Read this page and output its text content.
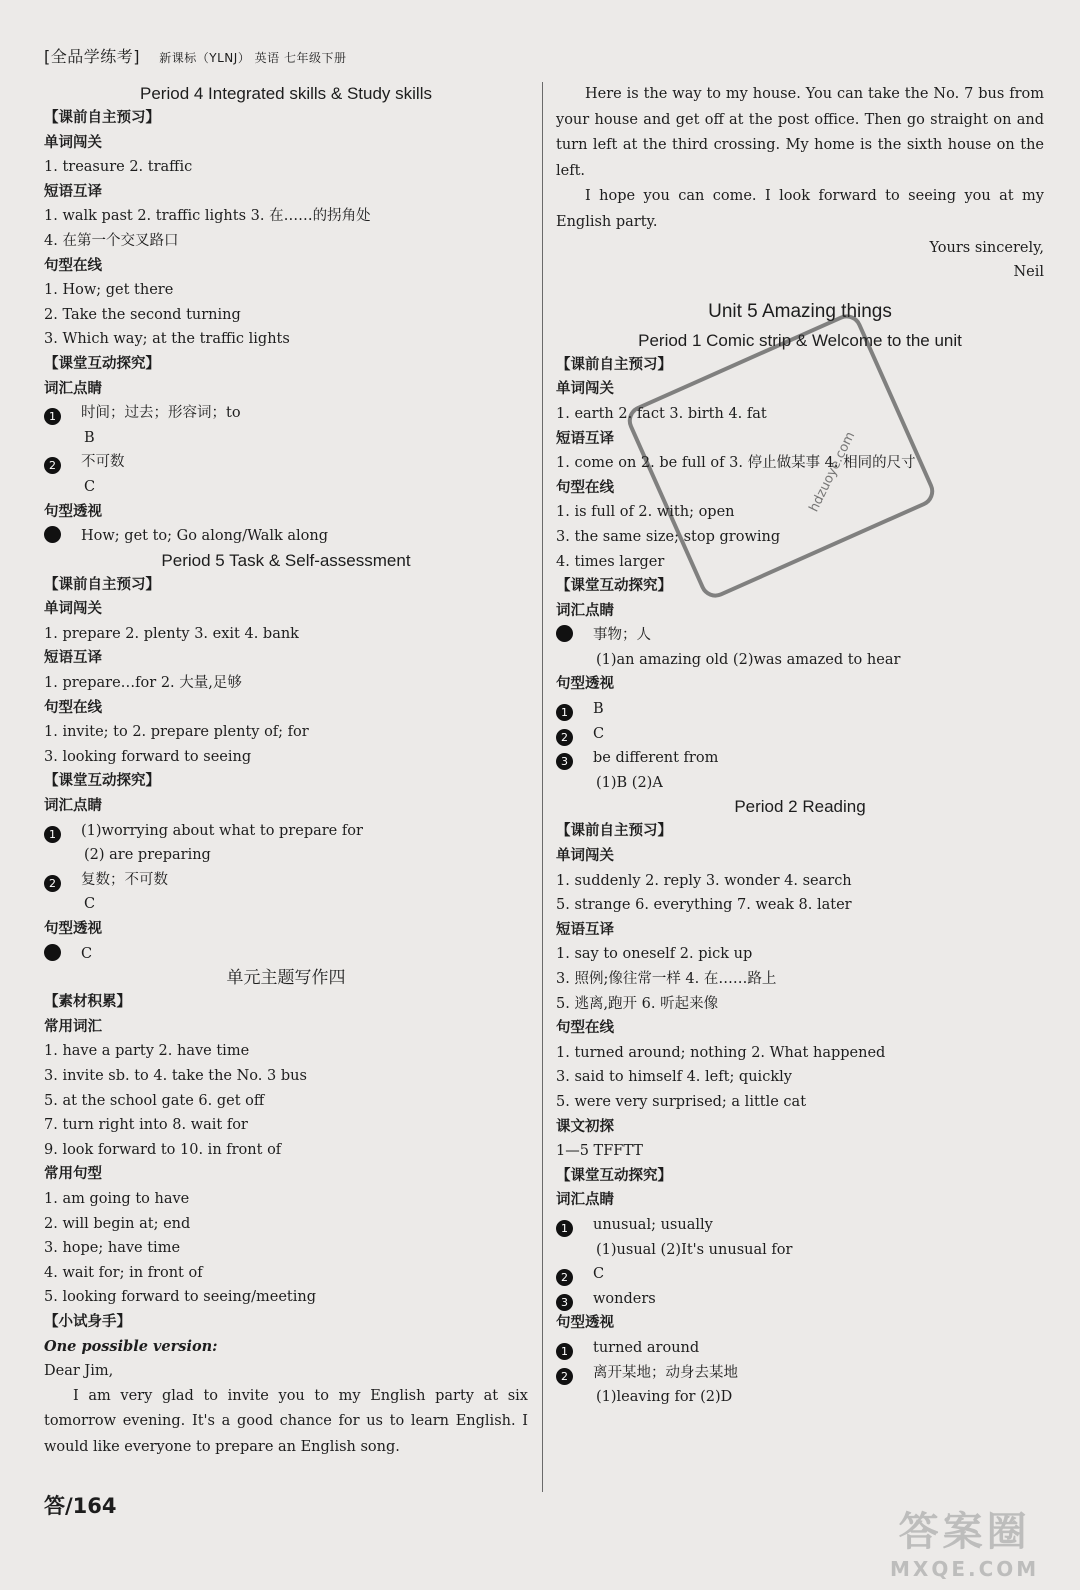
[全品学练考] 新课标（YLNJ） 英语 七年级下册
Period 4 Integrated skills & Study skills
【课前自主预习】
单词闯关
1. treasure 2. traffic
短语互译
1. walk past 2. traffic lights 3. 在……的拐角处
4. 在第一个交叉路口
句型在线
1. How; get there
2. Take the second turning
3. Which way; at the traffic lights
【课堂互动探究】
词汇点睛
1 时间；过去；形容词；to
B
2 不可数
C
句型透视
How; get to; Go along/Walk along
Period 5 Task & Self-assessment
【课前自主预习】
单词闯关
1. prepare 2. plenty 3. exit 4. bank
短语互译
1. prepare…for 2. 大量,足够
句型在线
1. invite; to 2. prepare plenty of; for
3. looking forward to seeing
【课堂互动探究】
词汇点睛
1 (1)worrying about what to prepare for
(2) are preparing
2 复数；不可数
C
句型透视
C
单元主题写作四
【素材积累】
常用词汇
1. have a party 2. have time
3. invite sb. to 4. take the No. 3 bus
5. at the school gate 6. get off
7. turn right into 8. wait for
9. look forward to 10. in front of
常用句型
1. am going to have
2. will begin at; end
3. hope; have time
4. wait for; in front of
5. looking forward to seeing/meeting
【小试身手】
One possible version:
Dear Jim,
I am very glad to invite you to my English party at six tomorrow evening. It's a good chance for us to learn English. I would like everyone to prepare an English song.
Here is the way to my house. You can take the No. 7 bus from your house and get off at the post office. Then go straight on and turn left at the third crossing. My home is the sixth house on the left.
I hope you can come. I look forward to seeing you at my English party.
Yours sincerely,
Neil
Unit 5 Amazing things
Period 1 Comic strip & Welcome to the unit
【课前自主预习】
单词闯关
1. earth 2. fact 3. birth 4. fat
短语互译
1. come on 2. be full of 3. 停止做某事 4. 相同的尺寸
句型在线
1. is full of 2. with; open
3. the same size; stop growing
4. times larger
【课堂互动探究】
词汇点睛
事物；人
(1)an amazing old (2)was amazed to hear
句型透视
1 B
2 C
3 be different from
(1)B (2)A
Period 2 Reading
【课前自主预习】
单词闯关
1. suddenly 2. reply 3. wonder 4. search
5. strange 6. everything 7. weak 8. later
短语互译
1. say to oneself 2. pick up
3. 照例;像往常一样 4. 在……路上
5. 逃离,跑开 6. 听起来像
句型在线
1. turned around; nothing 2. What happened
3. said to himself 4. left; quickly
5. were very surprised; a little cat
课文初探
1—5 TFFTT
【课堂互动探究】
词汇点睛
1 unusual; usually
(1)usual (2)It's unusual for
2 C
3 wonders
句型透视
1 turned around
2 离开某地；动身去某地
(1)leaving for (2)D
答/164
hdzuoye.com
答案圈
MXQE.COM
